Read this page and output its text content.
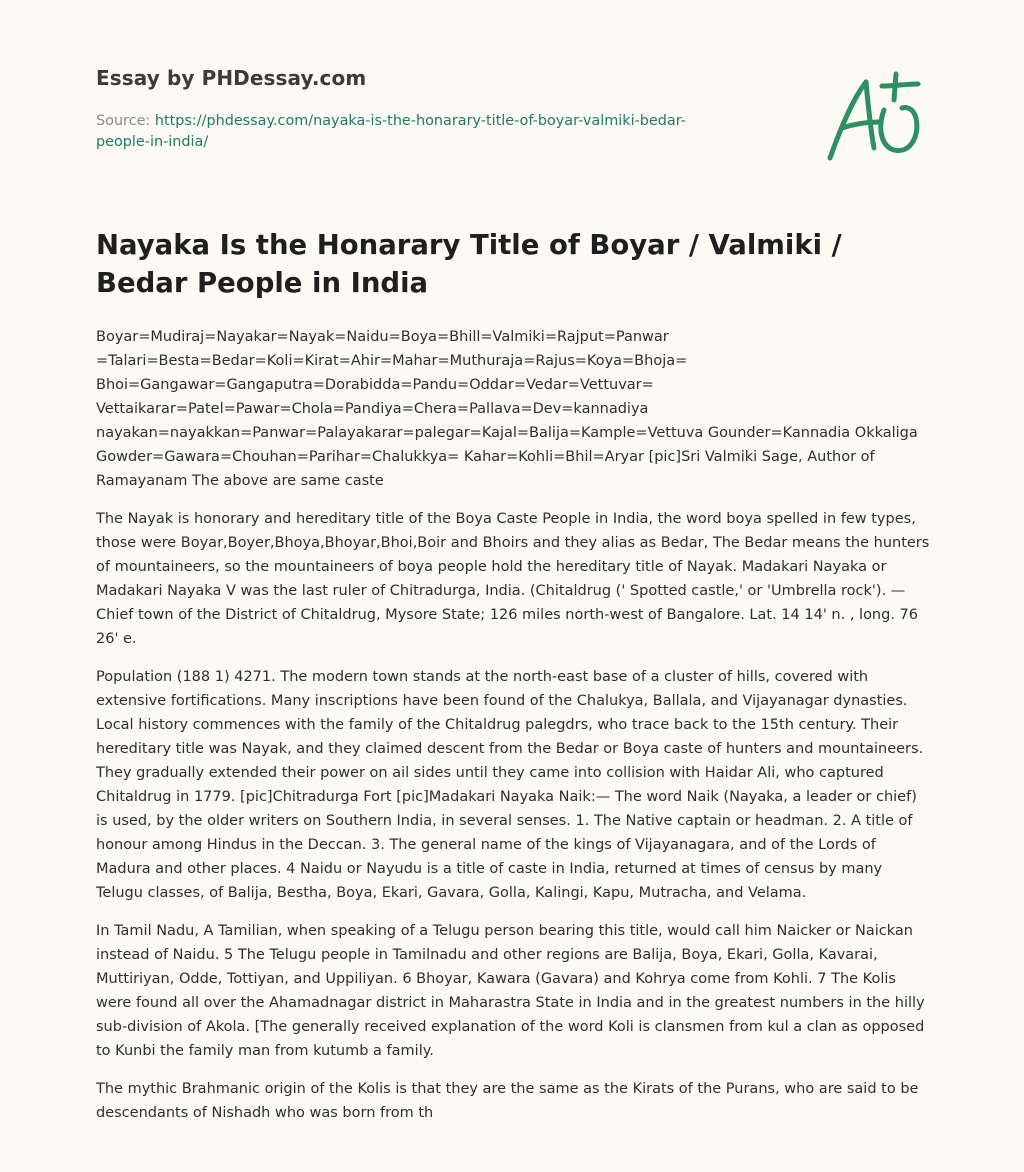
Essay by PHDessay.com
Source: https://phdessay.com/nayaka-is-the-honarary-title-of-boyar-valmiki-bedar-people-in-india/
Nayaka Is the Honarary Title of Boyar / Valmiki / Bedar People in India

Boyar=Mudiraj=Nayakar=Nayak=Naidu=Boya=Bhill=Valmiki=Rajput=Panwar =Talari=Besta=Bedar=Koli=Kirat=Ahir=Mahar=Muthuraja=Rajus=Koya=Bhoja= Bhoi=Gangawar=Gangaputra=Dorabidda=Pandu=Oddar=Vedar=Vettuvar= Vettaikarar=Patel=Pawar=Chola=Pandiya=Chera=Pallava=Dev=kannadiya nayakan=nayakkan=Panwar=Palayakarar=palegar=Kajal=Balija=Kample=Vettuva Gounder=Kannadia Okkaliga Gowder=Gawara=Chouhan=Parihar=Chalukkya= Kahar=Kohli=Bhil=Aryar [pic]Sri Valmiki Sage, Author of Ramayanam The above are same caste

The Nayak is honorary and hereditary title of the Boya Caste People in India, the word boya spelled in few types, those were Boyar,Boyer,Bhoya,Bhoyar,Bhoi,Boir and Bhoirs and they alias as Bedar, The Bedar means the hunters of mountaineers, so the mountaineers of boya people hold the hereditary title of Nayak. Madakari Nayaka or Madakari Nayaka V was the last ruler of Chitradurga, India. (Chitaldrug (' Spotted castle,' or 'Umbrella rock'). — Chief town of the District of Chitaldrug, Mysore State; 126 miles north-west of Bangalore. Lat. 14 14' n. , long. 76 26' e.

Population (188 1) 4271. The modern town stands at the north-east base of a cluster of hills, covered with extensive fortifications. Many inscriptions have been found of the Chalukya, Ballala, and Vijayanagar dynasties. Local history commences with the family of the Chitaldrug palegdrs, who trace back to the 15th century. Their hereditary title was Nayak, and they claimed descent from the Bedar or Boya caste of hunters and mountaineers. They gradually extended their power on ail sides until they came into collision with Haidar Ali, who captured Chitaldrug in 1779. [pic]Chitradurga Fort [pic]Madakari Nayaka Naik:— The word Naik (Nayaka, a leader or chief) is used, by the older writers on Southern India, in several senses. 1. The Native captain or headman. 2. A title of honour among Hindus in the Deccan. 3. The general name of the kings of Vijayanagara, and of the Lords of Madura and other places. 4 Naidu or Nayudu is a title of caste in India, returned at times of census by many Telugu classes, of Balija, Bestha, Boya, Ekari, Gavara, Golla, Kalingi, Kapu, Mutracha, and Velama.

In Tamil Nadu, A Tamilian, when speaking of a Telugu person bearing this title, would call him Naicker or Naickan instead of Naidu. 5 The Telugu people in Tamilnadu and other regions are Balija, Boya, Ekari, Golla, Kavarai, Muttiriyan, Odde, Tottiyan, and Uppiliyan. 6 Bhoyar, Kawara (Gavara) and Kohrya come from Kohli. 7 The Kolis were found all over the Ahamadnagar district in Maharastra State in India and in the greatest numbers in the hilly sub-division of Akola. [The generally received explanation of the word Koli is clansmen from kul a clan as opposed to Kunbi the family man from kutumb a family.

The mythic Brahmanic origin of the Kolis is that they are the same as the Kirats of the Purans, who are said to be descendants of Nishadh who was born from th
